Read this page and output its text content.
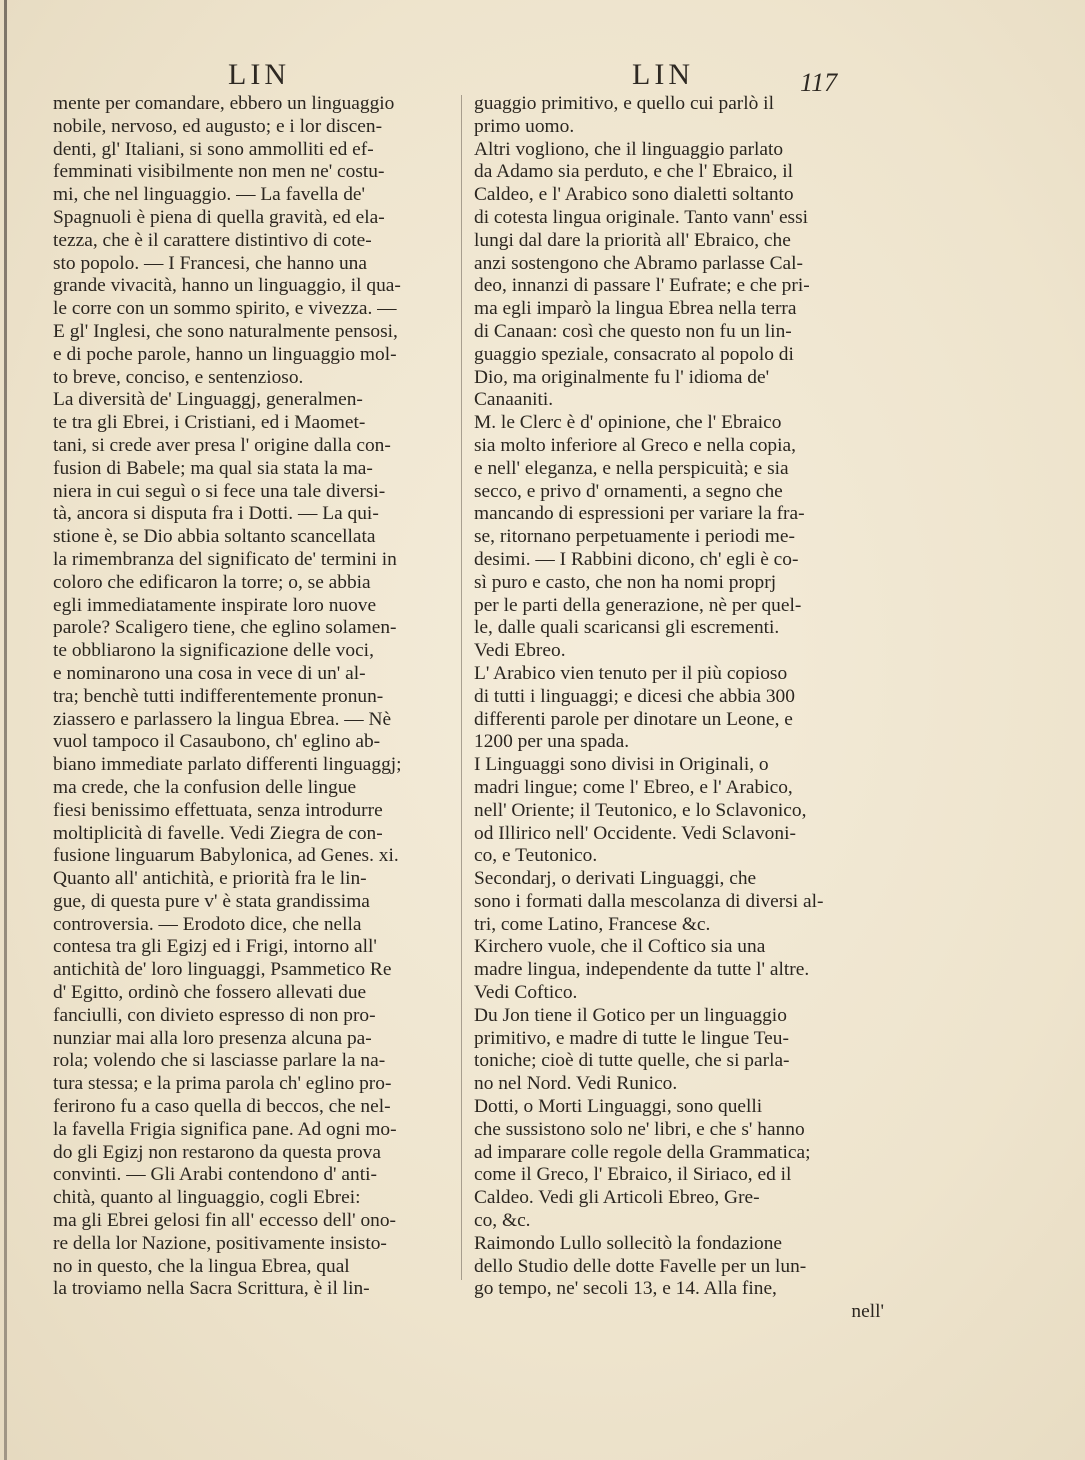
LIN	LIN	117
mente per comandare, ebbero un linguaggio
nobile, nervoso, ed augusto; e i lor discen-
denti, gl' Italiani, si sono ammolliti ed ef-
femminati visibilmente non men ne' costu-
mi, che nel linguaggio. — La favella de'
Spagnuoli è piena di quella gravità, ed ela-
tezza, che è il carattere distintivo di cote-
sto popolo. — I Francesi, che hanno una
grande vivacità, hanno un linguaggio, il qua-
le corre con un sommo spirito, e vivezza. —
E gl' Inglesi, che sono naturalmente pensosi,
e di poche parole, hanno un linguaggio mol-
to breve, conciso, e sentenzioso.
La diversità de' Linguaggj, generalmen-
te tra gli Ebrei, i Cristiani, ed i Maomet-
tani, si crede aver presa l' origine dalla con-
fusion di Babele; ma qual sia stata la ma-
niera in cui seguì o si fece una tale diversi-
tà, ancora si disputa fra i Dotti. — La qui-
stione è, se Dio abbia soltanto scancellata
la rimembranza del significato de' termini in
coloro che edificaron la torre; o, se abbia
egli immediatamente inspirate loro nuove
parole? Scaligero tiene, che eglino solamen-
te obbliarono la significazione delle voci,
e nominarono una cosa in vece di un' al-
tra; benchè tutti indifferentemente pronun-
ziassero e parlassero la lingua Ebrea. — Nè
vuol tampoco il Casaubono, ch' eglino ab-
biano immediate parlato differenti linguaggj;
ma crede, che la confusion delle lingue
fiesi benissimo effettuata, senza introdurre
moltiplicità di favelle. Vedi Ziegra de con-
fusione linguarum Babylonica, ad Genes. xi.
Quanto all' antichità, e priorità fra le lin-
gue, di questa pure v' è stata grandissima
controversia. — Erodoto dice, che nella
contesa tra gli Egizj ed i Frigi, intorno all'
antichità de' loro linguaggi, Psammetico Re
d' Egitto, ordinò che fossero allevati due
fanciulli, con divieto espresso di non pro-
nunziar mai alla loro presenza alcuna pa-
rola; volendo che si lasciasse parlare la na-
tura stessa; e la prima parola ch' eglino pro-
ferirono fu a caso quella di beccos, che nel-
la favella Frigia significa pane. Ad ogni mo-
do gli Egizj non restarono da questa prova
convinti. — Gli Arabi contendono d' anti-
chità, quanto al linguaggio, cogli Ebrei:
ma gli Ebrei gelosi fin all' eccesso dell' ono-
re della lor Nazione, positivamente insisto-
no in questo, che la lingua Ebrea, qual
la troviamo nella Sacra Scrittura, è il lin-
guaggio primitivo, e quello cui parlò il
primo uomo.
Altri vogliono, che il linguaggio parlato
da Adamo sia perduto, e che l' Ebraico, il
Caldeo, e l' Arabico sono dialetti soltanto
di cotesta lingua originale. Tanto vann' essi
lungi dal dare la priorità all' Ebraico, che
anzi sostengono che Abramo parlasse Cal-
deo, innanzi di passare l' Eufrate; e che pri-
ma egli imparò la lingua Ebrea nella terra
di Canaan: così che questo non fu un lin-
guaggio speziale, consacrato al popolo di
Dio, ma originalmente fu l' idioma de'
Canaaniti.
M. le Clerc è d' opinione, che l' Ebraico
sia molto inferiore al Greco e nella copia,
e nell' eleganza, e nella perspicuità; e sia
secco, e privo d' ornamenti, a segno che
mancando di espressioni per variare la fra-
se, ritornano perpetuamente i periodi me-
desimi. — I Rabbini dicono, ch' egli è co-
sì puro e casto, che non ha nomi proprj
per le parti della generazione, nè per quel-
le, dalle quali scaricansi gli escrementi.
Vedi Ebreo.
L' Arabico vien tenuto per il più copioso
di tutti i linguaggi; e dicesi che abbia 300
differenti parole per dinotare un Leone, e
1200 per una spada.
I Linguaggi sono divisi in Originali, o
madri lingue; come l' Ebreo, e l' Arabico,
nell' Oriente; il Teutonico, e lo Sclavonico,
od Illirico nell' Occidente. Vedi Sclavoni-
co, e Teutonico.
Secondarj, o derivati Linguaggi, che
sono i formati dalla mescolanza di diversi al-
tri, come Latino, Francese &c.
Kirchero vuole, che il Coftico sia una
madre lingua, independente da tutte l' altre.
Vedi Coftico.
Du Jon tiene il Gotico per un linguaggio
primitivo, e madre di tutte le lingue Teu-
toniche; cioè di tutte quelle, che si parla-
no nel Nord. Vedi Runico.
Dotti, o Morti Linguaggi, sono quelli
che sussistono solo ne' libri, e che s' hanno
ad imparare colle regole della Grammatica;
come il Greco, l' Ebraico, il Siriaco, ed il
Caldeo. Vedi gli Articoli Ebreo, Gre-
co, &c.
Raimondo Lullo sollecitò la fondazione
dello Studio delle dotte Favelle per un lun-
go tempo, ne' secoli 13, e 14. Alla fine,
nell'
